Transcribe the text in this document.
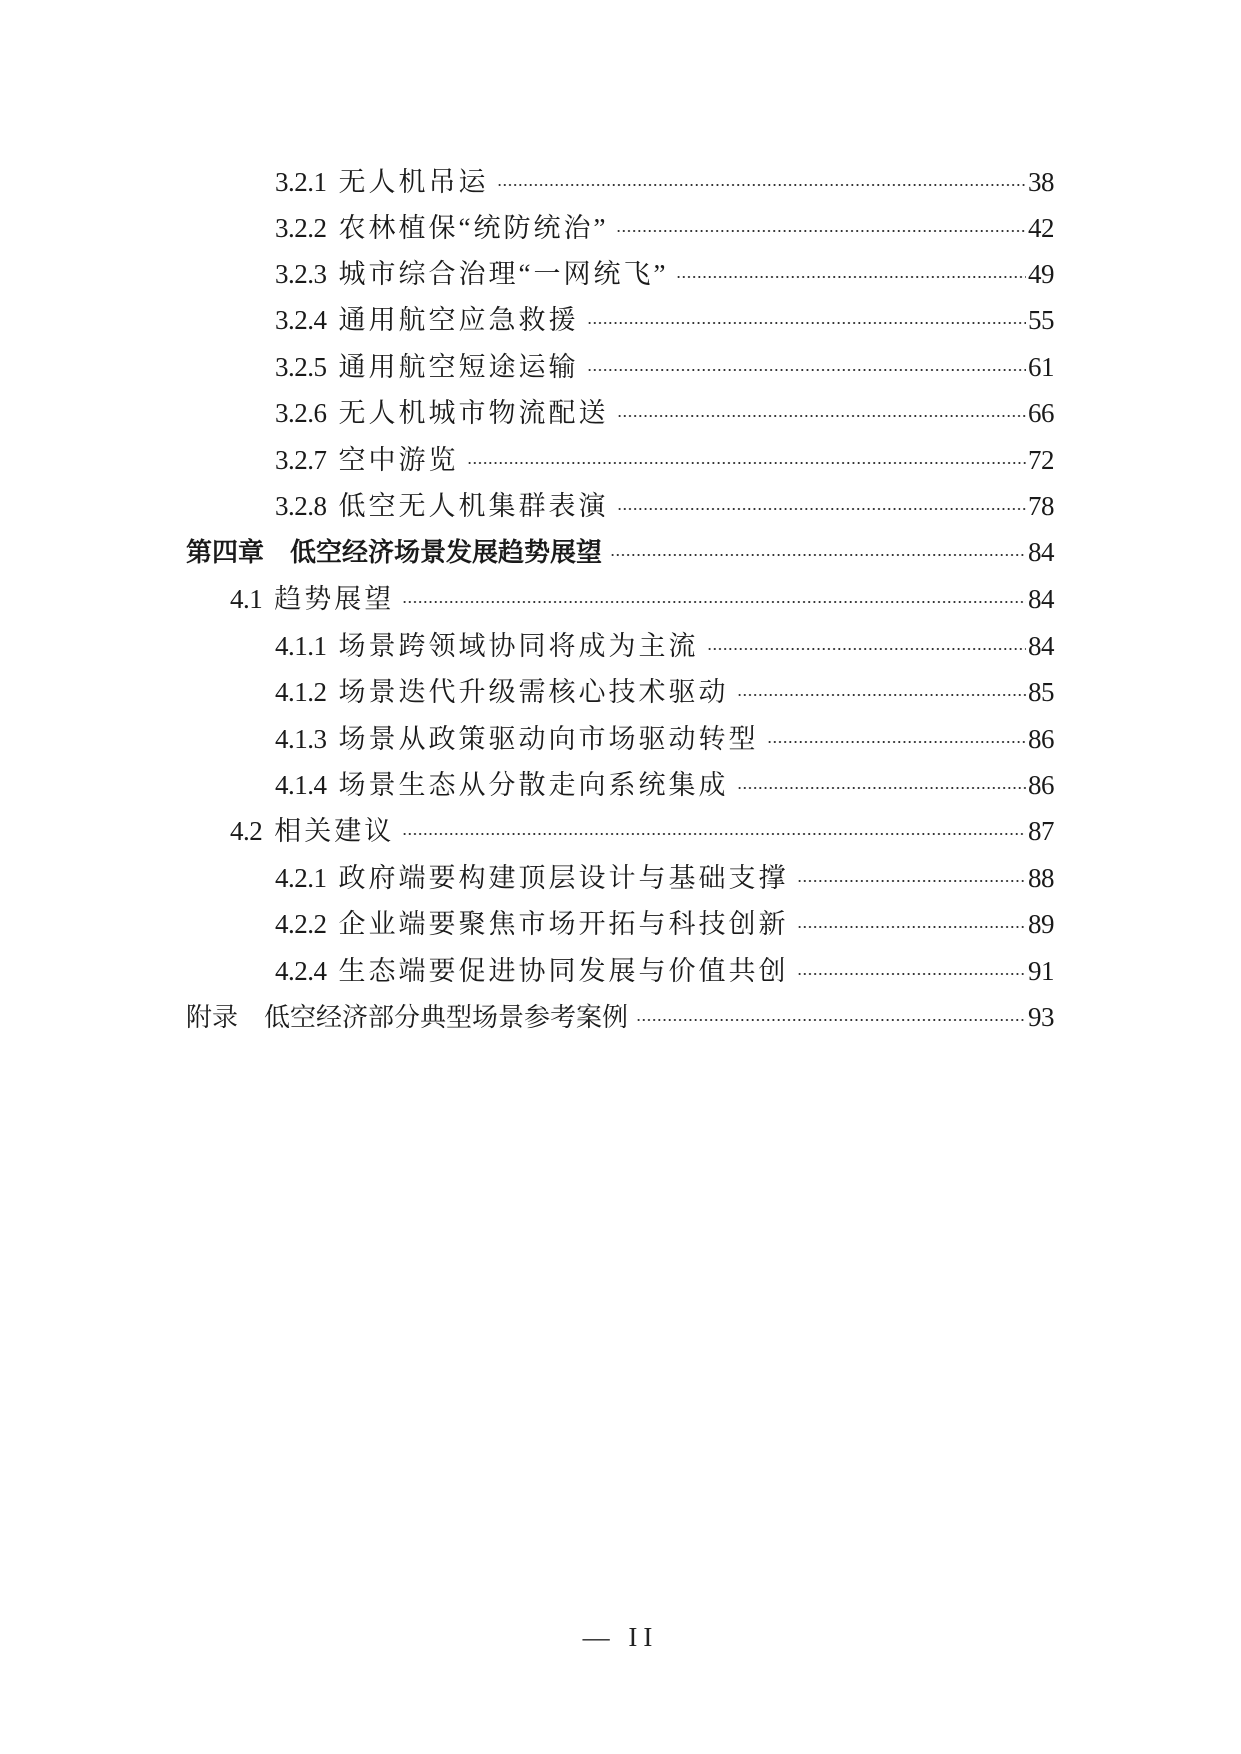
3.2.1 无人机吊运	38
3.2.2 农林植保“统防统治”	42
3.2.3 城市综合治理“一网统飞”	49
3.2.4 通用航空应急救援	55
3.2.5 通用航空短途运输	61
3.2.6 无人机城市物流配送	66
3.2.7 空中游览	72
3.2.8 低空无人机集群表演	78
第四章 低空经济场景发展趋势展望	84
4.1 趋势展望	84
4.1.1 场景跨领域协同将成为主流	84
4.1.2 场景迭代升级需核心技术驱动	85
4.1.3 场景从政策驱动向市场驱动转型	86
4.1.4 场景生态从分散走向系统集成	86
4.2 相关建议	87
4.2.1 政府端要构建顶层设计与基础支撑	88
4.2.2 企业端要聚焦市场开拓与科技创新	89
4.2.4 生态端要促进协同发展与价值共创	91
附录 低空经济部分典型场景参考案例	93
— II
